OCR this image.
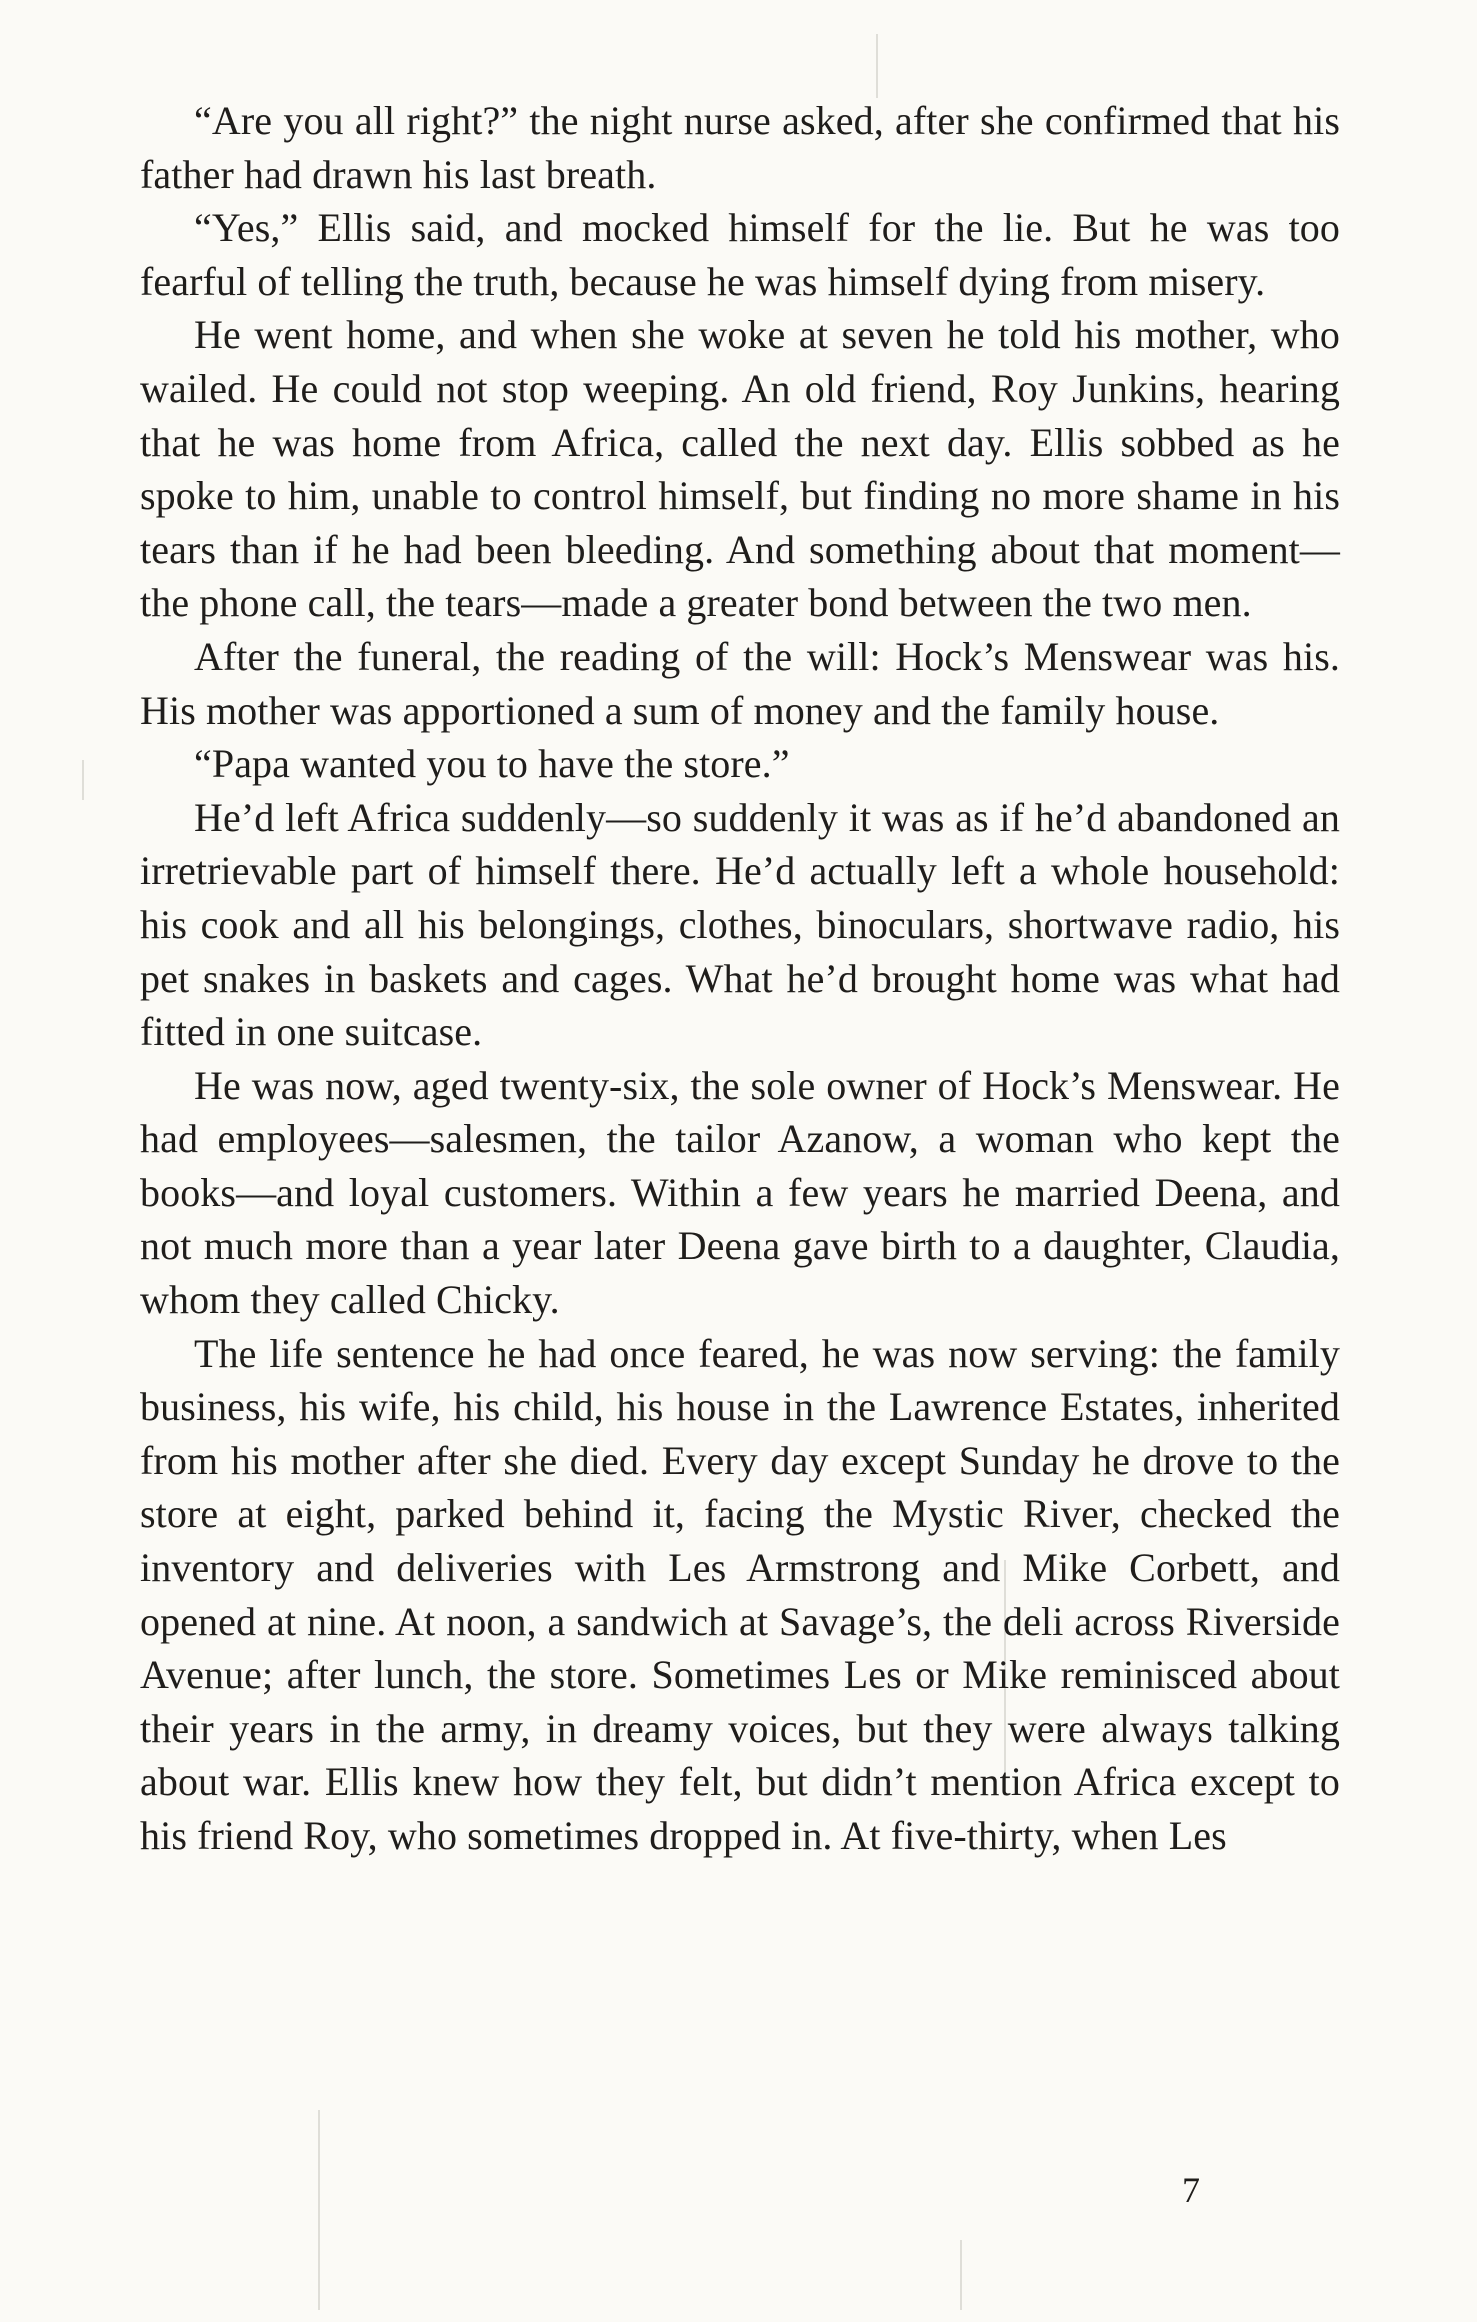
“Are you all right?” the night nurse asked, after she confirmed that his father had drawn his last breath.

“Yes,” Ellis said, and mocked himself for the lie. But he was too fearful of telling the truth, because he was himself dying from misery.

He went home, and when she woke at seven he told his mother, who wailed. He could not stop weeping. An old friend, Roy Junkins, hearing that he was home from Africa, called the next day. Ellis sobbed as he spoke to him, unable to control himself, but finding no more shame in his tears than if he had been bleeding. And something about that moment—the phone call, the tears—made a greater bond between the two men.

After the funeral, the reading of the will: Hock’s Menswear was his. His mother was apportioned a sum of money and the family house.

“Papa wanted you to have the store.”

He’d left Africa suddenly—so suddenly it was as if he’d abandoned an irretrievable part of himself there. He’d actually left a whole household: his cook and all his belongings, clothes, binoculars, shortwave radio, his pet snakes in baskets and cages. What he’d brought home was what had fitted in one suitcase.

He was now, aged twenty-six, the sole owner of Hock’s Menswear. He had employees—salesmen, the tailor Azanow, a woman who kept the books—and loyal customers. Within a few years he married Deena, and not much more than a year later Deena gave birth to a daughter, Claudia, whom they called Chicky.

The life sentence he had once feared, he was now serving: the family business, his wife, his child, his house in the Lawrence Estates, inherited from his mother after she died. Every day except Sunday he drove to the store at eight, parked behind it, facing the Mystic River, checked the inventory and deliveries with Les Armstrong and Mike Corbett, and opened at nine. At noon, a sandwich at Savage’s, the deli across Riverside Avenue; after lunch, the store. Sometimes Les or Mike reminisced about their years in the army, in dreamy voices, but they were always talking about war. Ellis knew how they felt, but didn’t mention Africa except to his friend Roy, who sometimes dropped in. At five-thirty, when Les

7
